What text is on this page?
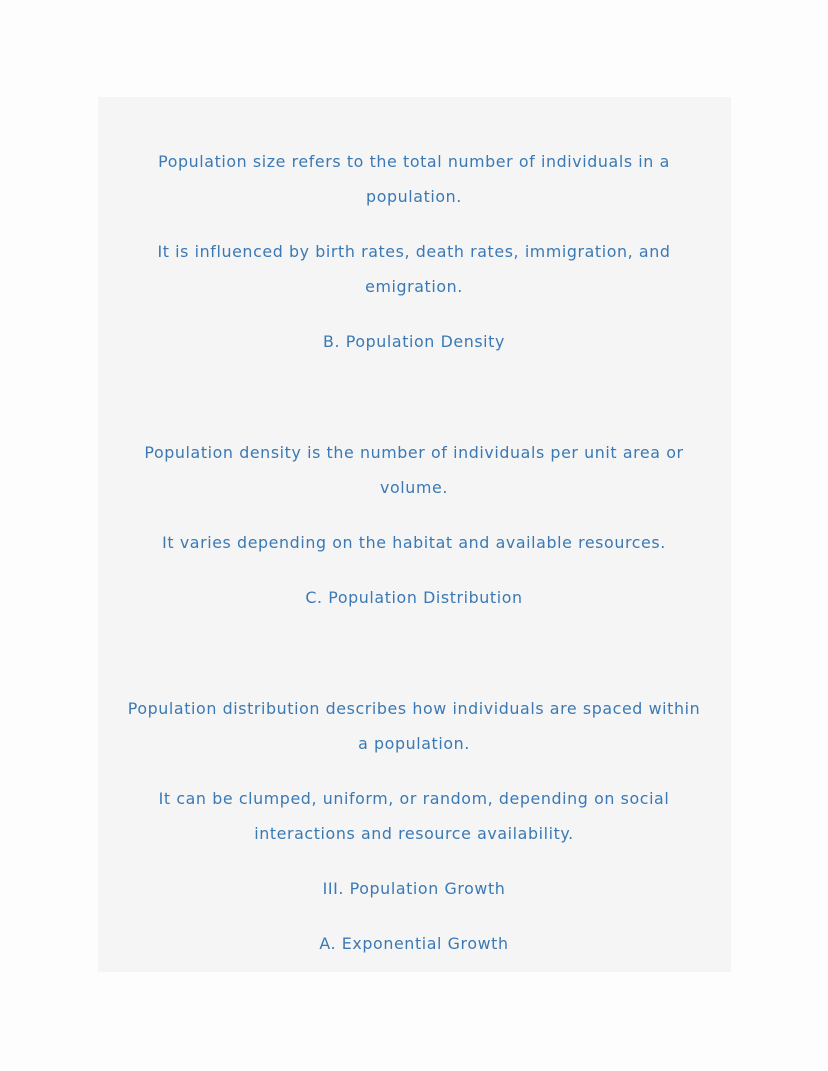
Population size refers to the total number of individuals in a
population.
It is influenced by birth rates, death rates, immigration, and
emigration.
B. Population Density
Population density is the number of individuals per unit area or
volume.
It varies depending on the habitat and available resources.
C. Population Distribution
Population distribution describes how individuals are spaced within
a population.
It can be clumped, uniform, or random, depending on social
interactions and resource availability.
III. Population Growth
A. Exponential Growth
